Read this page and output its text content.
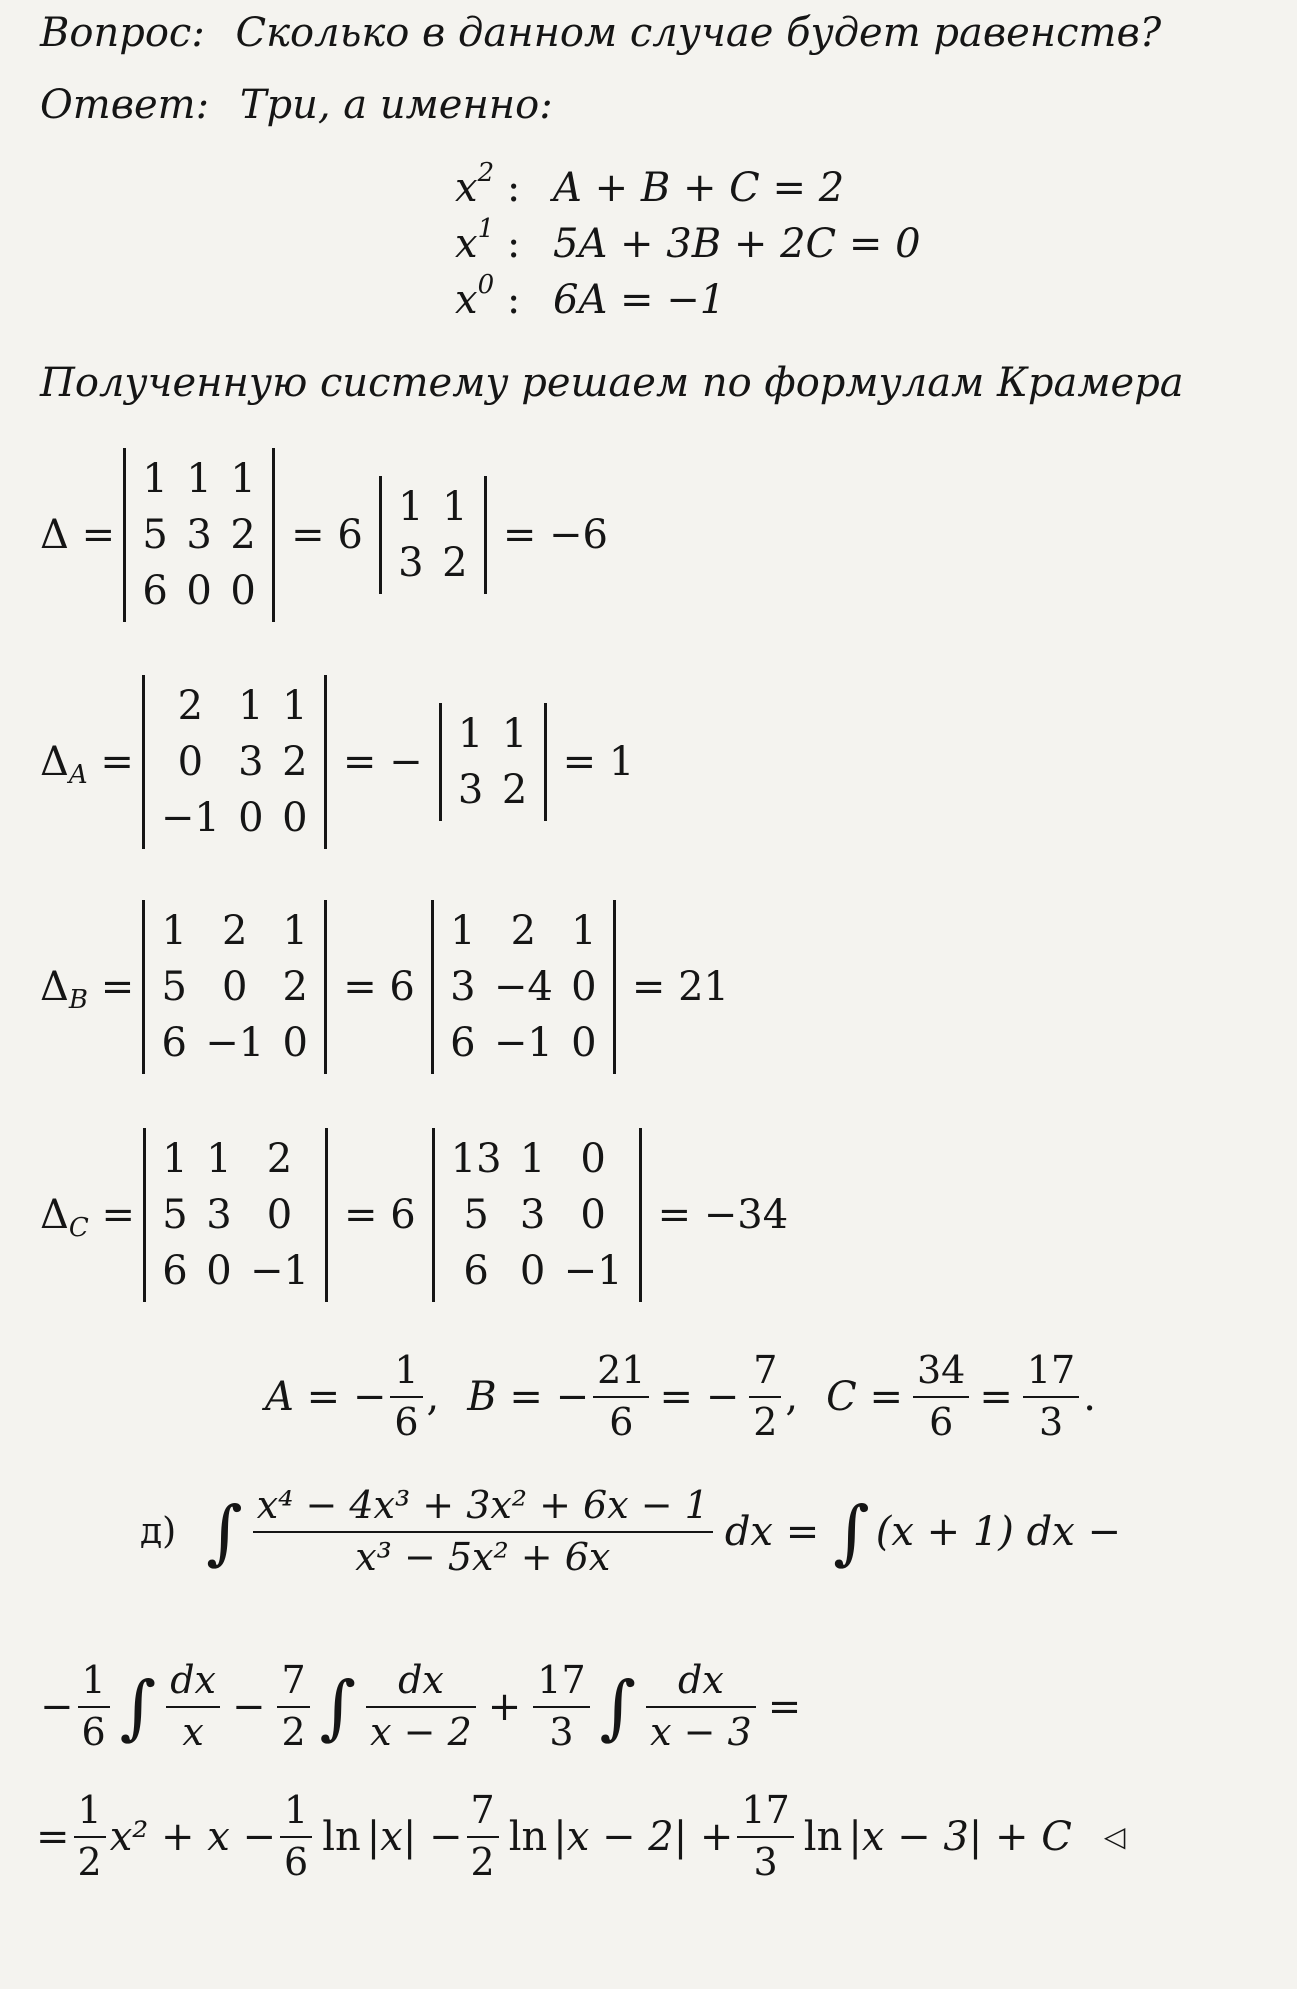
Вопрос: Сколько в данном случае будет равенств?
Ответ: Три, а именно:
$x^2$ : A + B + C = 2
$x^1$ : 5A + 3B + 2C = 0
$x^0$ : 6A = −1
Полученную систему решаем по формулам Крамера
Δ =
1 1 1
5 3 2
6 0 0
= 6
1 1
3 2
= −6
$\Delta_A$ =
2 1 1
0 3 2
−1 0 0
= −
1 1
3 2
= 1
$\Delta_B$ =
1 2 1
5 0 2
6 −1 0
= 6
1 2 1
3 −4 0
6 −1 0
= 21
$\Delta_C$ =
1 1 2
5 3 0
6 0 −1
= 6
13 1 0
5 3 0
6 0 −1
= −34
A = − $\frac{1}{6}$ , B = − $\frac{21}{6}$ = − $\frac{7}{2}$ , $C = \frac{34}{6} = \frac{17}{3}$ .
д) ∫ $\frac{\text{x⁴ − 4x³ + 3x² + 6x − 1}}{\text{x³ − 5x² + 6x}}$ dx = ∫ (x + 1) dx −
− $\frac{1}{6}$ ∫ $\frac{dx}{x} - \frac{7}{2}$ ∫ $\frac{dx}{x - 2} + \frac{17}{3}$ ∫ $\frac{dx}{x - 3}$ =
= $\frac{1}{2} x^2 + x - \frac{1}{6}$ $\ln |x| - \frac{7}{2}$ $\ln |x - 2| + \frac{17}{3}$ ln |x − 3| + C ◁
